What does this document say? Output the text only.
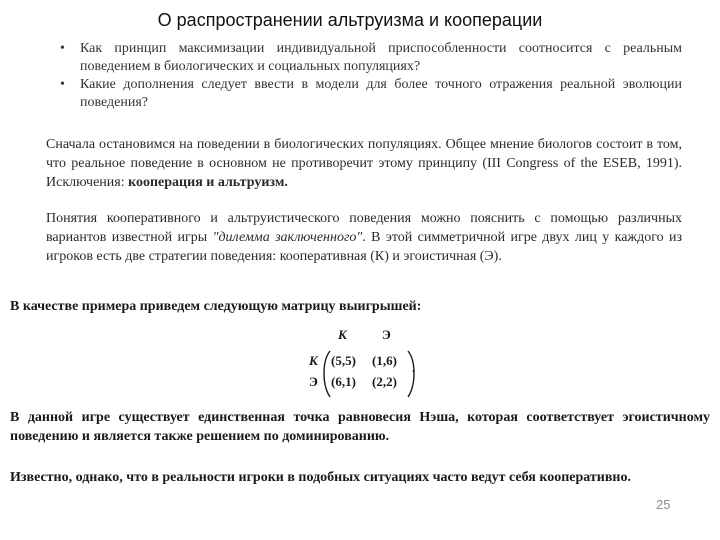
О распространении альтруизма и кооперации
• Как принцип максимизации индивидуальной приспособленности соотносится с реальным поведением в биологических и социальных популяциях?
• Какие дополнения следует ввести в модели для более точного отражения реальной эволюции поведения?

Сначала остановимся на поведении в биологических популяциях. Общее мнение биологов состоит в том, что реальное поведение в основном не противоречит этому принципу (III Congress of the ESEB, 1991). Исключения: кооперация и альтруизм.

Понятия кооперативного и альтруистического поведения можно пояснить с помощью различных вариантов известной игры "дилемма заключенного". В этой симметричной игре двух лиц у каждого из игроков есть две стратегии поведения: кооперативная (К) и эгоистичная (Э).

В качестве примера приведем следующую матрицу выигрышей:

К	Э
К
Э
(5,5) (1,6)
(6,1) (2,2)
.

В данной игре существует единственная точка равновесия Нэша, которая соответствует эгоистичному поведению и является также решением по доминированию.

Известно, однако, что в реальности игроки в подобных ситуациях часто ведут себя кооперативно.

25
